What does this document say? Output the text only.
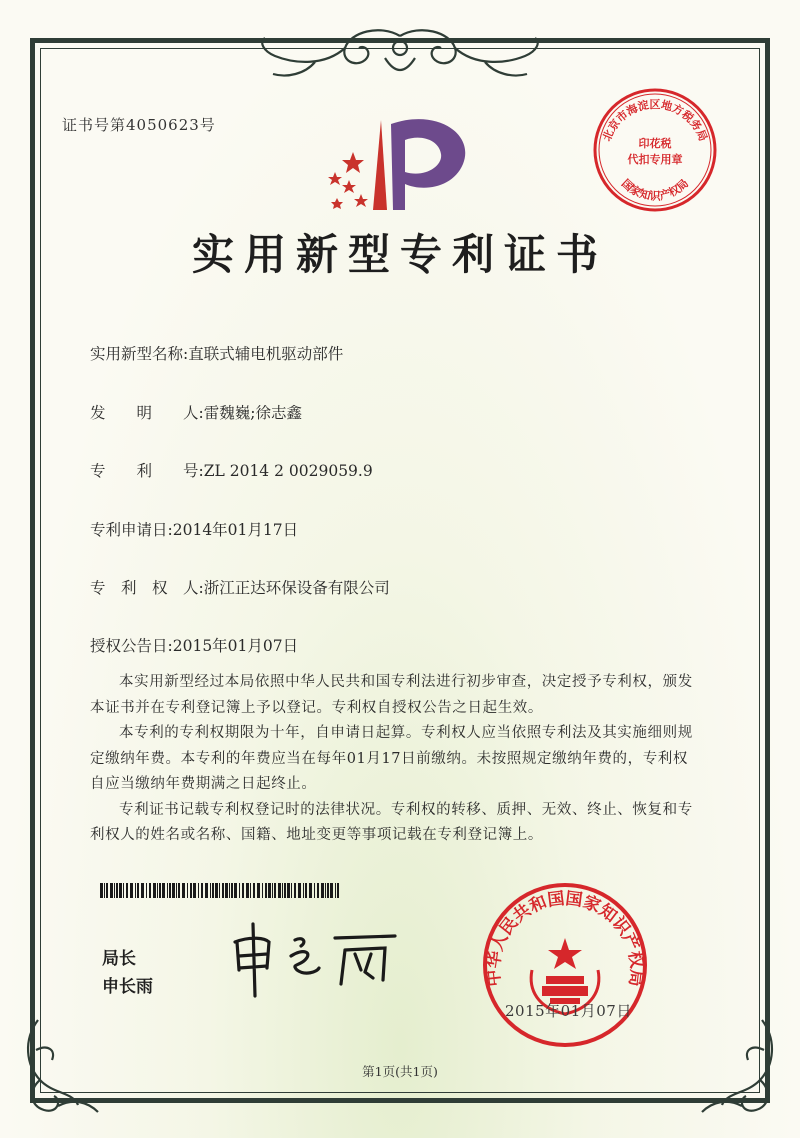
证书号第4050623号
北京市海淀区地方税务局
国家知识产权局
印花税
代扣专用章
实用新型专利证书
实用新型名称:直联式辅电机驱动部件
发　　明　　人:雷魏巍;徐志鑫
专　　利　　号:ZL 2014 2 0029059.9
专利申请日:2014年01月17日
专　利　权　人:浙江正达环保设备有限公司
授权公告日:2015年01月07日

本实用新型经过本局依照中华人民共和国专利法进行初步审查，决定授予专利权，颁发本证书并在专利登记簿上予以登记。专利权自授权公告之日起生效。

本专利的专利权期限为十年，自申请日起算。专利权人应当依照专利法及其实施细则规定缴纳年费。本专利的年费应当在每年01月17日前缴纳。未按照规定缴纳年费的，专利权自应当缴纳年费期满之日起终止。

专利证书记载专利权登记时的法律状况。专利权的转移、质押、无效、终止、恢复和专利权人的姓名或名称、国籍、地址变更等事项记载在专利登记簿上。

局长
申长雨	中华人民共和国国家知识产权局
2015年01月07日
第1页(共1页)
